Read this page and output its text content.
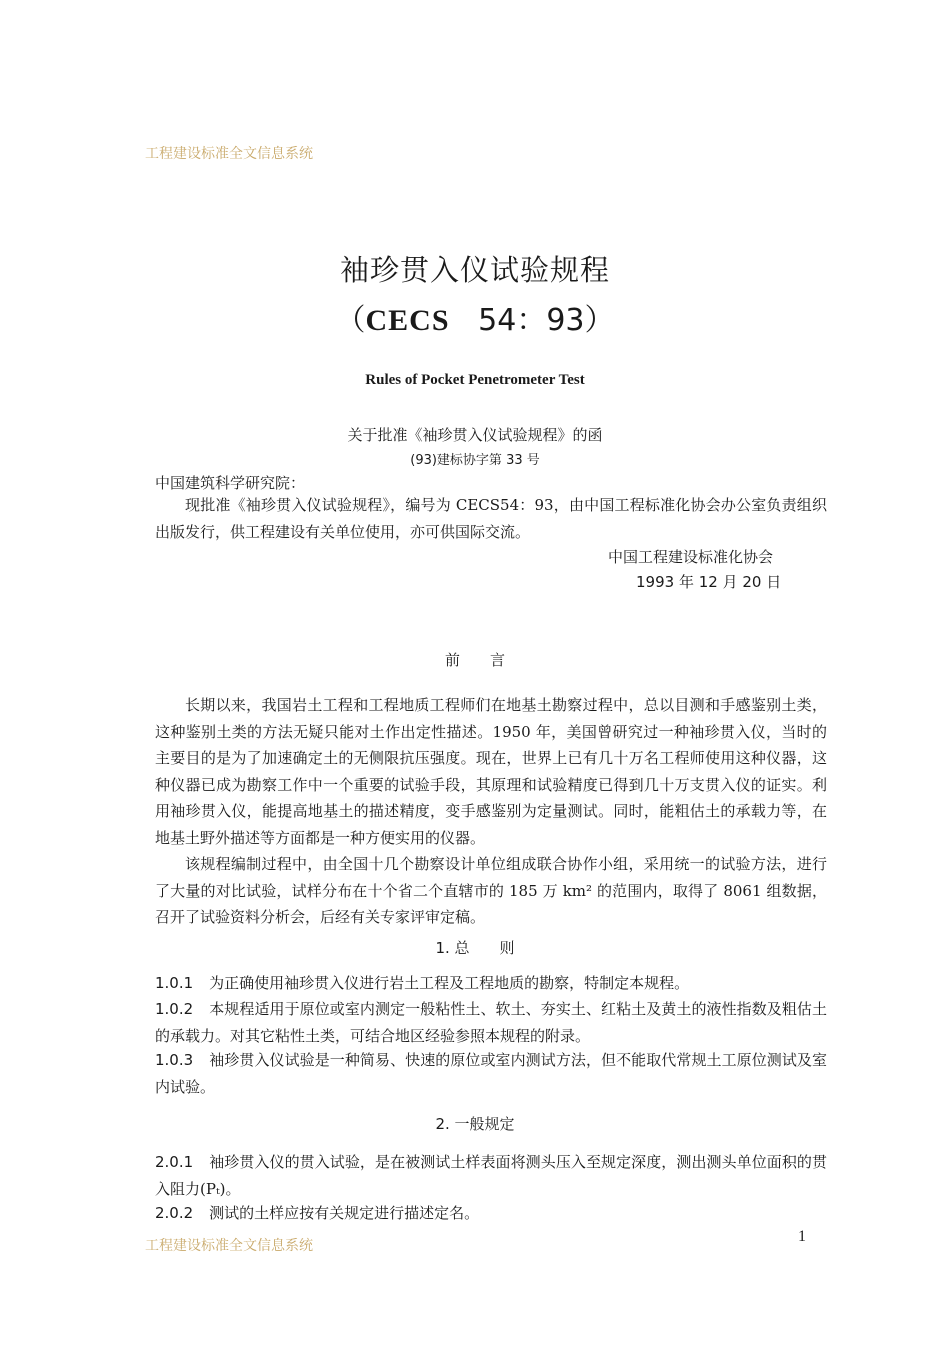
工程建设标准全文信息系统
袖珍贯入仪试验规程
（CECS 54：93）
Rules of Pocket Penetrometer Test
关于批准《袖珍贯入仪试验规程》的函
(93)建标协字第 33 号
中国建筑科学研究院：
现批准《袖珍贯入仪试验规程》，编号为 CECS54：93，由中国工程标准化协会办公室负责组织出版发行，供工程建设有关单位使用，亦可供国际交流。
中国工程建设标准化协会
1993 年 12 月 20 日
前　　言
长期以来，我国岩土工程和工程地质工程师们在地基土勘察过程中，总以目测和手感鉴别土类，这种鉴别土类的方法无疑只能对土作出定性描述。1950 年，美国曾研究过一种袖珍贯入仪，当时的主要目的是为了加速确定土的无侧限抗压强度。现在，世界上已有几十万名工程师使用这种仪器，这种仪器已成为勘察工作中一个重要的试验手段，其原理和试验精度已得到几十万支贯入仪的证实。利用袖珍贯入仪，能提高地基土的描述精度，变手感鉴别为定量测试。同时，能粗估土的承载力等，在地基土野外描述等方面都是一种方便实用的仪器。
该规程编制过程中，由全国十几个勘察设计单位组成联合协作小组，采用统一的试验方法，进行了大量的对比试验，试样分布在十个省二个直辖市的 185 万 km² 的范围内，取得了 8061 组数据，召开了试验资料分析会，后经有关专家评审定稿。
1. 总　　则
1.0.1 为正确使用袖珍贯入仪进行岩土工程及工程地质的勘察，特制定本规程。
1.0.2 本规程适用于原位或室内测定一般粘性土、软土、夯实土、红粘土及黄土的液性指数及粗估土的承载力。对其它粘性土类，可结合地区经验参照本规程的附录。
1.0.3 袖珍贯入仪试验是一种简易、快速的原位或室内测试方法，但不能取代常规土工原位测试及室内试验。
2. 一般规定
2.0.1 袖珍贯入仪的贯入试验，是在被测试土样表面将测头压入至规定深度，测出测头单位面积的贯入阻力(Pₜ)。
2.0.2 测试的土样应按有关规定进行描述定名。
工程建设标准全文信息系统
1
